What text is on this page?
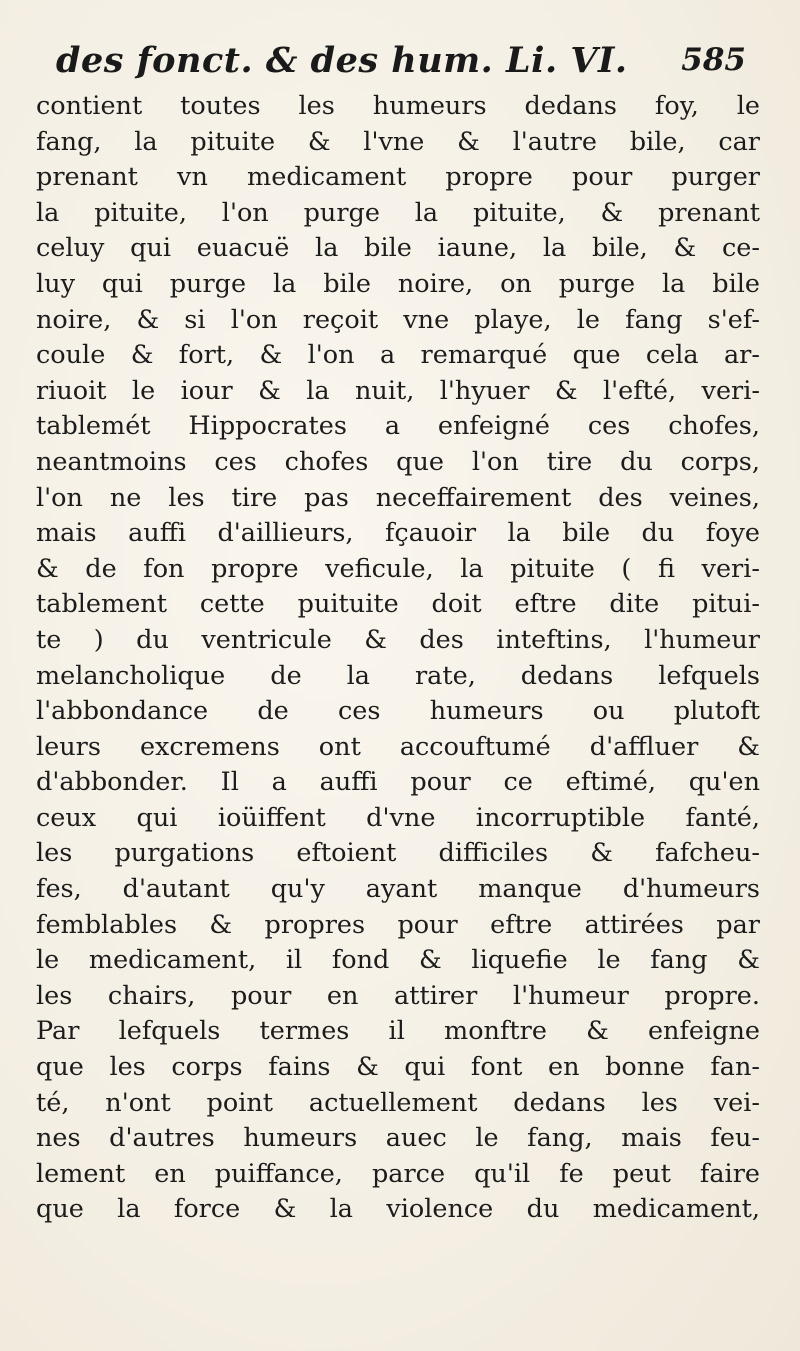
des fonct. & des hum. Li. VI. 585
contient toutes les humeurs dedans foy, le
fang, la pituite & l'vne & l'autre bile, car
prenant vn medicament propre pour purger
la pituite, l'on purge la pituite, & prenant
celuy qui euacuë la bile iaune, la bile, & ce-
luy qui purge la bile noire, on purge la bile
noire, & si l'on reçoit vne playe, le fang s'ef-
coule & fort, & l'on a remarqué que cela ar-
riuoit le iour & la nuit, l'hyuer & l'efté, veri-
tablemét Hippocrates a enfeigné ces chofes,
neantmoins ces chofes que l'on tire du corps,
l'on ne les tire pas neceffairement des veines,
mais auffi d'aillieurs, fçauoir la bile du foye
& de fon propre veficule, la pituite ( fi veri-
tablement cette puituite doit eftre dite pitui-
te ) du ventricule & des inteftins, l'humeur
melancholique de la rate, dedans lefquels
l'abbondance de ces humeurs ou plutoft
leurs excremens ont accouftumé d'affluer &
d'abbonder. Il a auffi pour ce eftimé, qu'en
ceux qui ioüiffent d'vne incorruptible fanté,
les purgations eftoient difficiles & fafcheu-
fes, d'autant qu'y ayant manque d'humeurs
femblables & propres pour eftre attirées par
le medicament, il fond & liquefie le fang &
les chairs, pour en attirer l'humeur propre.
Par lefquels termes il monftre & enfeigne
que les corps fains & qui font en bonne fan-
té, n'ont point actuellement dedans les vei-
nes d'autres humeurs auec le fang, mais feu-
lement en puiffance, parce qu'il fe peut faire
que la force & la violence du medicament,
